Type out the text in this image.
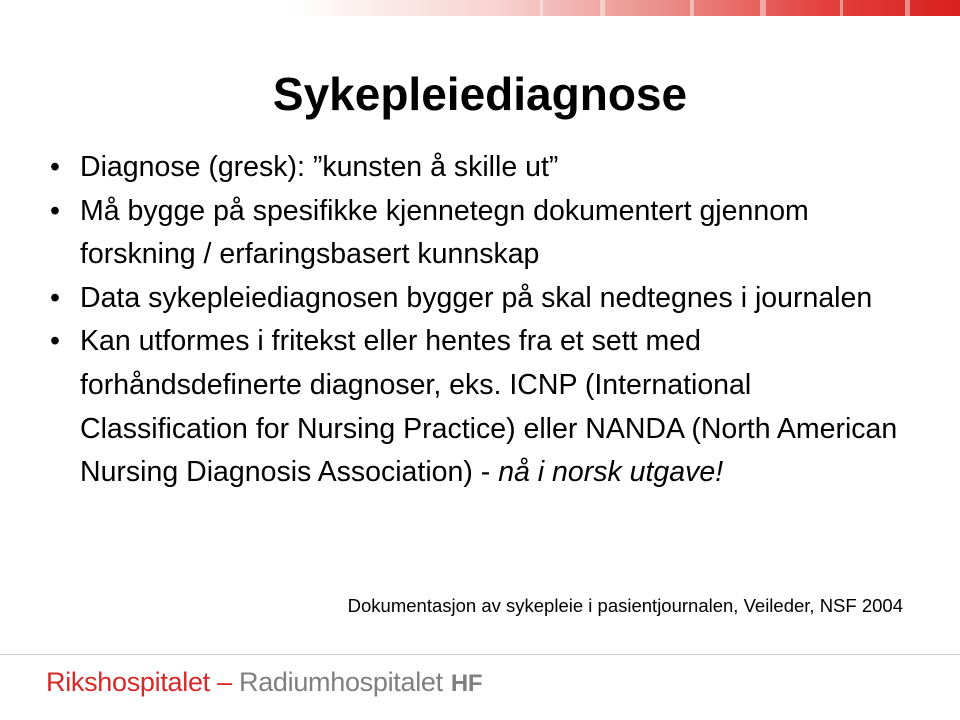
Sykepleiediagnose
• Diagnose (gresk): ”kunsten å skille ut”
• Må bygge på spesifikke kjennetegn dokumentert gjennom forskning / erfaringsbasert kunnskap
• Data sykepleiediagnosen bygger på skal nedtegnes i journalen
• Kan utformes i fritekst eller hentes fra et sett med forhåndsdefinerte diagnoser, eks. ICNP (International Classification for Nursing Practice) eller NANDA (North American Nursing Diagnosis Association) - nå i norsk utgave!
Dokumentasjon av sykepleie i pasientjournalen, Veileder, NSF 2004
Rikshospitalet – Radiumhospitalet HF
